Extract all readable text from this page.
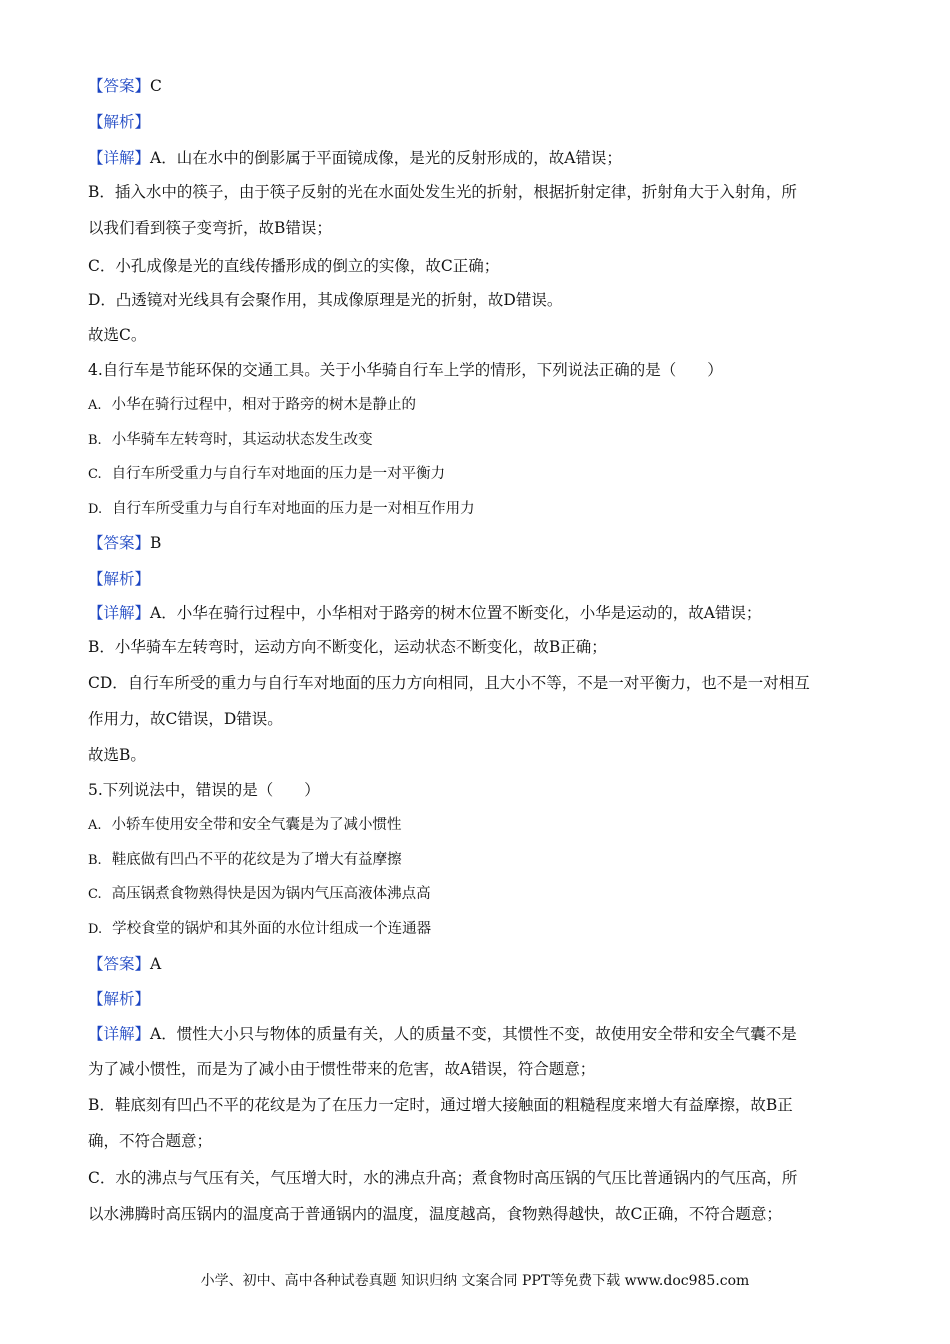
【答案】C
【解析】
【详解】A．山在水中的倒影属于平面镜成像，是光的反射形成的，故A错误；
B．插入水中的筷子，由于筷子反射的光在水面处发生光的折射，根据折射定律，折射角大于入射角，所
以我们看到筷子变弯折，故B错误；
C．小孔成像是光的直线传播形成的倒立的实像，故C正确；
D．凸透镜对光线具有会聚作用，其成像原理是光的折射，故D错误。
故选C。
4.自行车是节能环保的交通工具。关于小华骑自行车上学的情形，下列说法正确的是（　　）
A. 小华在骑行过程中，相对于路旁的树木是静止的
B. 小华骑车左转弯时，其运动状态发生改变
C. 自行车所受重力与自行车对地面的压力是一对平衡力
D. 自行车所受重力与自行车对地面的压力是一对相互作用力
【答案】B
【解析】
【详解】A．小华在骑行过程中，小华相对于路旁的树木位置不断变化，小华是运动的，故A错误；
B．小华骑车左转弯时，运动方向不断变化，运动状态不断变化，故B正确；
CD．自行车所受的重力与自行车对地面的压力方向相同，且大小不等，不是一对平衡力，也不是一对相互
作用力，故C错误，D错误。
故选B。
5.下列说法中，错误的是（　　）
A. 小轿车使用安全带和安全气囊是为了减小惯性
B. 鞋底做有凹凸不平的花纹是为了增大有益摩擦
C. 高压锅煮食物熟得快是因为锅内气压高液体沸点高
D. 学校食堂的锅炉和其外面的水位计组成一个连通器
【答案】A
【解析】
【详解】A．惯性大小只与物体的质量有关，人的质量不变，其惯性不变，故使用安全带和安全气囊不是
为了减小惯性，而是为了减小由于惯性带来的危害，故A错误，符合题意；
B．鞋底刻有凹凸不平的花纹是为了在压力一定时，通过增大接触面的粗糙程度来增大有益摩擦，故B正
确，不符合题意；
C．水的沸点与气压有关，气压增大时，水的沸点升高；煮食物时高压锅的气压比普通锅内的气压高，所
以水沸腾时高压锅内的温度高于普通锅内的温度，温度越高，食物熟得越快，故C正确，不符合题意；
小学、初中、高中各种试卷真题 知识归纳 文案合同 PPT等免费下载 www.doc985.com
